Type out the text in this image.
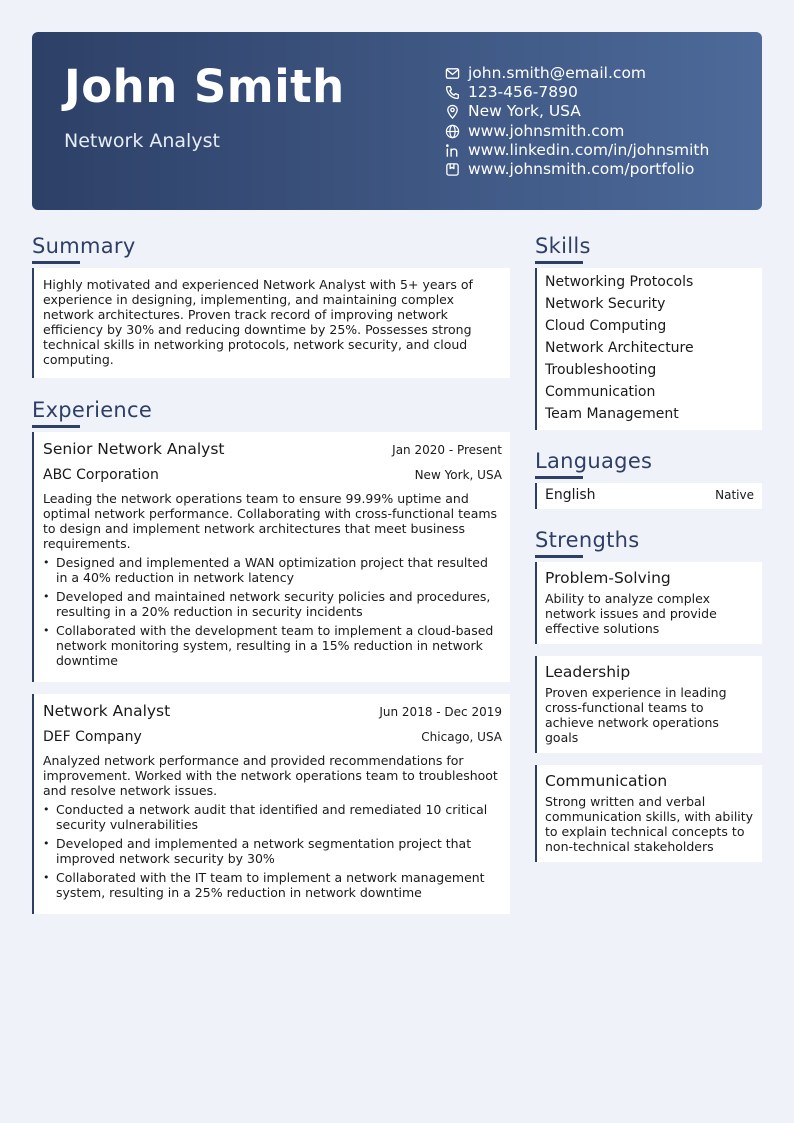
John Smith
Network Analyst
john.smith@email.com
123-456-7890
New York, USA
www.johnsmith.com
www.linkedin.com/in/johnsmith
www.johnsmith.com/portfolio
Summary
Highly motivated and experienced Network Analyst with 5+ years of experience in designing, implementing, and maintaining complex network architectures. Proven track record of improving network efficiency by 30% and reducing downtime by 25%. Possesses strong technical skills in networking protocols, network security, and cloud computing.
Experience
Senior Network Analyst	Jan 2020 - Present
ABC Corporation	New York, USA
Leading the network operations team to ensure 99.99% uptime and optimal network performance. Collaborating with cross-functional teams to design and implement network architectures that meet business requirements.
• Designed and implemented a WAN optimization project that resulted in a 40% reduction in network latency
• Developed and maintained network security policies and procedures, resulting in a 20% reduction in security incidents
• Collaborated with the development team to implement a cloud-based network monitoring system, resulting in a 15% reduction in network downtime
Network Analyst	Jun 2018 - Dec 2019
DEF Company	Chicago, USA
Analyzed network performance and provided recommendations for improvement. Worked with the network operations team to troubleshoot and resolve network issues.
• Conducted a network audit that identified and remediated 10 critical security vulnerabilities
• Developed and implemented a network segmentation project that improved network security by 30%
• Collaborated with the IT team to implement a network management system, resulting in a 25% reduction in network downtime
Skills
Networking Protocols
Network Security
Cloud Computing
Network Architecture
Troubleshooting
Communication
Team Management
Languages
English	Native
Strengths
Problem-Solving
Ability to analyze complex network issues and provide effective solutions
Leadership
Proven experience in leading cross-functional teams to achieve network operations goals
Communication
Strong written and verbal communication skills, with ability to explain technical concepts to non-technical stakeholders
